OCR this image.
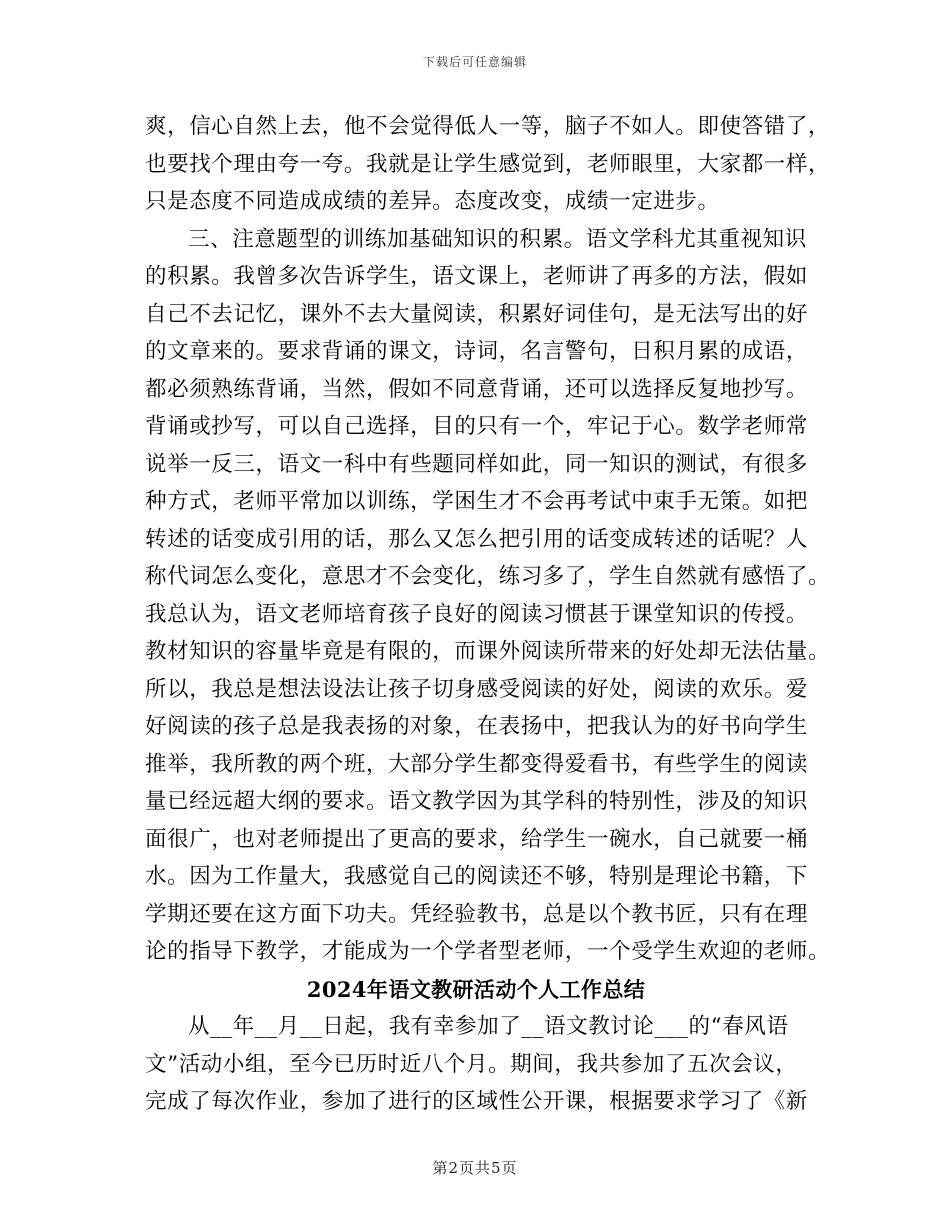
下载后可任意编辑
爽，信心自然上去，他不会觉得低人一等，脑子不如人。即使答错了，
也要找个理由夸一夸。我就是让学生感觉到，老师眼里，大家都一样，
只是态度不同造成成绩的差异。态度改变，成绩一定进步。
三、注意题型的训练加基础知识的积累。语文学科尤其重视知识
的积累。我曾多次告诉学生，语文课上，老师讲了再多的方法，假如
自己不去记忆，课外不去大量阅读，积累好词佳句，是无法写出的好
的文章来的。要求背诵的课文，诗词，名言警句，日积月累的成语，
都必须熟练背诵，当然，假如不同意背诵，还可以选择反复地抄写。
背诵或抄写，可以自己选择，目的只有一个，牢记于心。数学老师常
说举一反三，语文一科中有些题同样如此，同一知识的测试，有很多
种方式，老师平常加以训练，学困生才不会再考试中束手无策。如把
转述的话变成引用的话，那么又怎么把引用的话变成转述的话呢？人
称代词怎么变化，意思才不会变化，练习多了，学生自然就有感悟了。
我总认为，语文老师培育孩子良好的阅读习惯甚于课堂知识的传授。
教材知识的容量毕竟是有限的，而课外阅读所带来的好处却无法估量。
所以，我总是想法设法让孩子切身感受阅读的好处，阅读的欢乐。爱
好阅读的孩子总是我表扬的对象，在表扬中，把我认为的好书向学生
推举，我所教的两个班，大部分学生都变得爱看书，有些学生的阅读
量已经远超大纲的要求。语文教学因为其学科的特别性，涉及的知识
面很广，也对老师提出了更高的要求，给学生一碗水，自己就要一桶
水。因为工作量大，我感觉自己的阅读还不够，特别是理论书籍，下
学期还要在这方面下功夫。凭经验教书，总是以个教书匠，只有在理
论的指导下教学，才能成为一个学者型老师，一个受学生欢迎的老师。
2024年语文教研活动个人工作总结
从__年__月__日起，我有幸参加了__语文教讨论___的“春风语
文”活动小组，至今已历时近八个月。期间，我共参加了五次会议，
完成了每次作业，参加了进行的区域性公开课，根据要求学习了《新
第2页共5页
